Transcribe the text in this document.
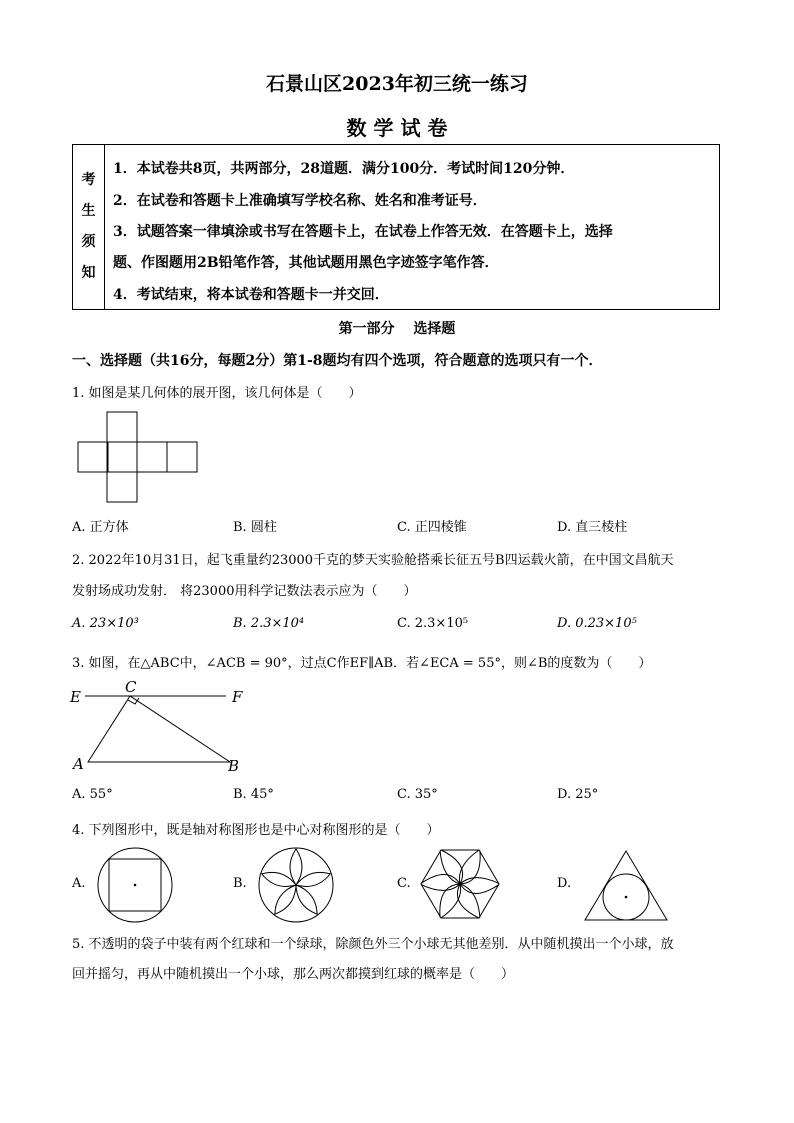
石景山区2023年初三统一练习
数 学 试 卷
考
生
须
知
1．本试卷共8页，共两部分，28道题．满分100分．考试时间120分钟．
2．在试卷和答题卡上准确填写学校名称、姓名和准考证号．
3．试题答案一律填涂或书写在答题卡上，在试卷上作答无效．在答题卡上，选择
题、作图题用2B铅笔作答，其他试题用黑色字迹签字笔作答．
4．考试结束，将本试卷和答题卡一并交回．
第一部分　 选择题
一、选择题（共16分，每题2分）第1-8题均有四个选项，符合题意的选项只有一个．
1. 如图是某几何体的展开图，该几何体是（　　）
A. 正方体	B. 圆柱	C. 正四棱锥	D. 直三棱柱
2. 2022年10月31日，起飞重量约23000千克的梦天实验舱搭乘长征五号B四运载火箭，在中国文昌航天
发射场成功发射． 将23000用科学记数法表示应为（　　）
A. 23×10³	B. 2.3×10⁴	C. 2.3×10⁵	D. 0.23×10⁵
3. 如图，在△ABC中，∠ACB = 90°，过点C作EF∥AB．若∠ECA = 55°，则∠B的度数为（　　）
E
C
F
A	B
A. 55°	B. 45°	C. 35°	D. 25°
4. 下列图形中，既是轴对称图形也是中心对称图形的是（　　）
A.	B.	C.	D.
5. 不透明的袋子中装有两个红球和一个绿球，除颜色外三个小球无其他差别．从中随机摸出一个小球，放
回并摇匀，再从中随机摸出一个小球，那么两次都摸到红球的概率是（　　）
